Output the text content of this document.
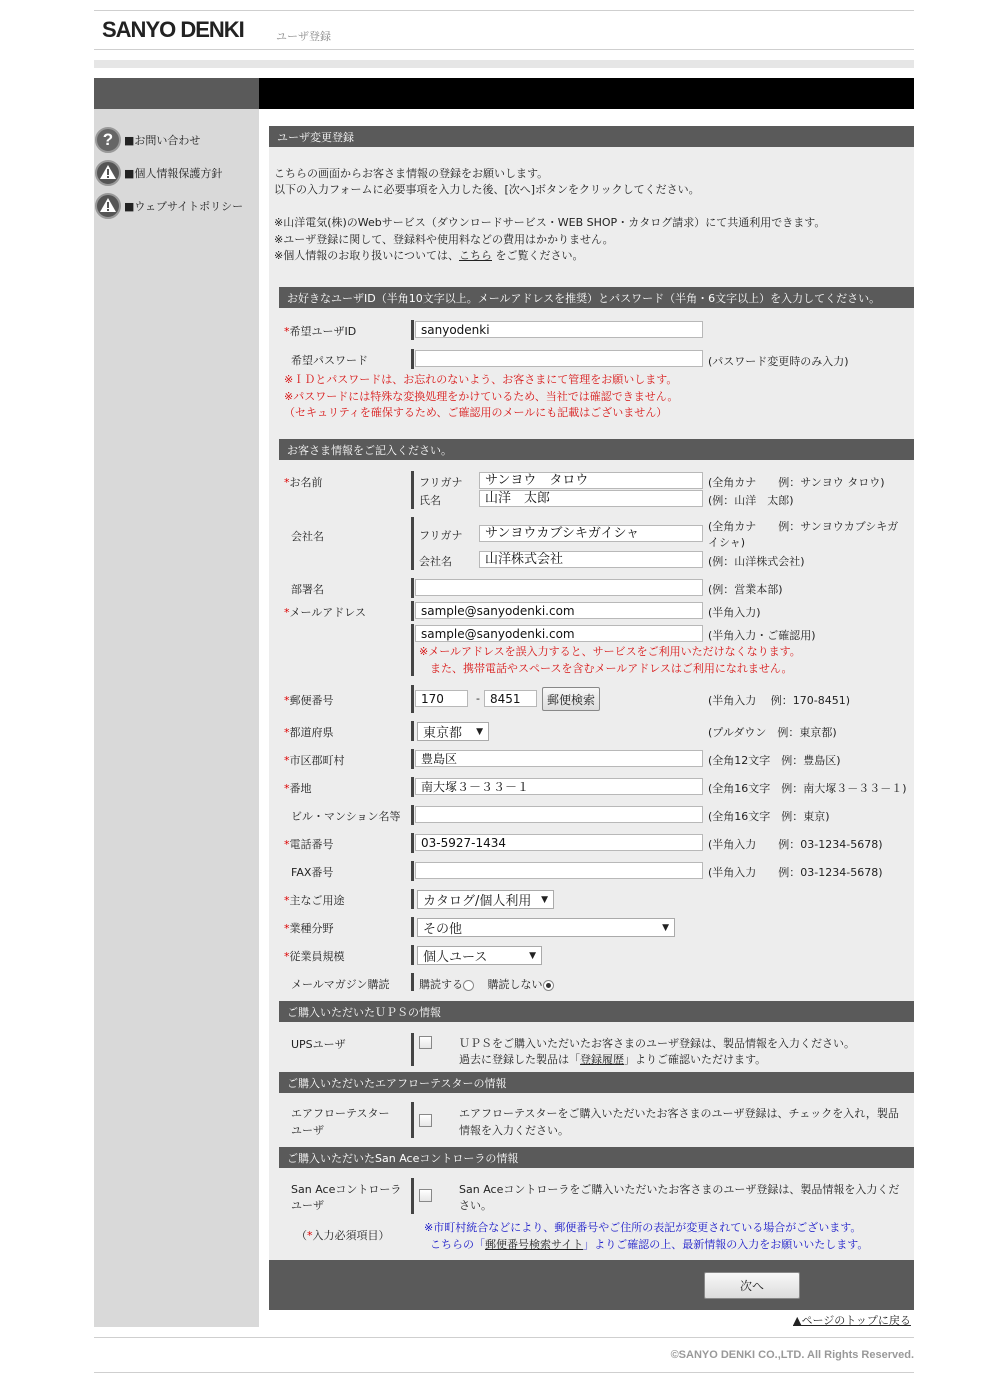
SANYO DENKI	ユーザ登録
? ■お問い合わせ
■個人情報保護方針
■ウェブサイトポリシー
ユーザ変更登録
こちらの画面からお客さま情報の登録をお願いします。
以下の入力フォームに必要事項を入力した後、[次へ]ボタンをクリックしてください。
※山洋電気(株)のWebサービス（ダウンロードサービス・WEB SHOP・カタログ請求）にて共通利用できます。
※ユーザ登録に関して、登録料や使用料などの費用はかかりません。
※個人情報のお取り扱いについては、こちら をご覧ください。
お好きなユーザID（半角10文字以上。メールアドレスを推奨）とパスワード（半角・6文字以上）を入力してください。
*希望ユーザID	sanyodenki
希望パスワード	(パスワード変更時のみ入力)
※ＩＤとパスワードは、お忘れのないよう、お客さまにて管理をお願いします。
※パスワードには特殊な変換処理をかけているため、当社では確認できません。
（セキュリティを確保するため、ご確認用のメールにも記載はございません）
お客さま情報をご記入ください。
*お名前	フリガナ	サンヨウ　タロウ	(全角カナ　　例：サンヨウ タロウ)
氏名	山洋　太郎	(例：山洋　太郎)
会社名	フリガナ	サンヨウカブシキガイシャ	(全角カナ　　例：サンヨウカブシキガ
イシャ)
会社名	山洋株式会社	(例：山洋株式会社)
部署名	(例：営業本部)
*メールアドレス	sample@sanyodenki.com	(半角入力)
sample@sanyodenki.com	(半角入力・ご確認用)
※メールアドレスを誤入力すると、サービスをご利用いただけなくなります。
　また、携帯電話やスペースを含むメールアドレスはご利用になれません。
*郵便番号	170	- 8451	郵便検索	(半角入力　 例：170-8451)
*都道府県	東京都 ▼	(プルダウン　例：東京都)
*市区郡町村	豊島区	(全角12文字　例：豊島区)
*番地	南大塚３－３３－１	(全角16文字　例：南大塚３－３３－１)
ビル・マンション名等	(全角16文字　例：東京)
*電話番号	03-5927-1434	(半角入力　　例：03-1234-5678)
FAX番号	(半角入力　　例：03-1234-5678)
*主なご用途	カタログ/個人利用 ▼
*業種分野	その他	▼
*従業員規模	個人ユース	▼
メールマガジン購読	購読する 購読しない
ご購入いただいたＵＰＳの情報
UPSユーザ	ＵＰＳをご購入いただいたお客さまのユーザ登録は、製品情報を入力ください。
過去に登録した製品は「登録履歴」よりご確認いただけます。
ご購入いただいたエアフローテスターの情報
エアフローテスター
ユーザ
エアフローテスターをご購入いただいたお客さまのユーザ登録は、チェックを入れ，製品
情報を入力ください。
ご購入いただいたSan Aceコントローラの情報
San Aceコントローラ
ユーザ
San Aceコントローラをご購入いただいたお客さまのユーザ登録は、製品情報を入力くだ
さい。
（*入力必須項目）
※市町村統合などにより、郵便番号やご住所の表記が変更されている場合がございます。
こちらの「郵便番号検索サイト」よりご確認の上、最新情報の入力をお願いいたします。
次へ
▲ページのトップに戻る
©SANYO DENKI CO.,LTD. All Rights Reserved.
